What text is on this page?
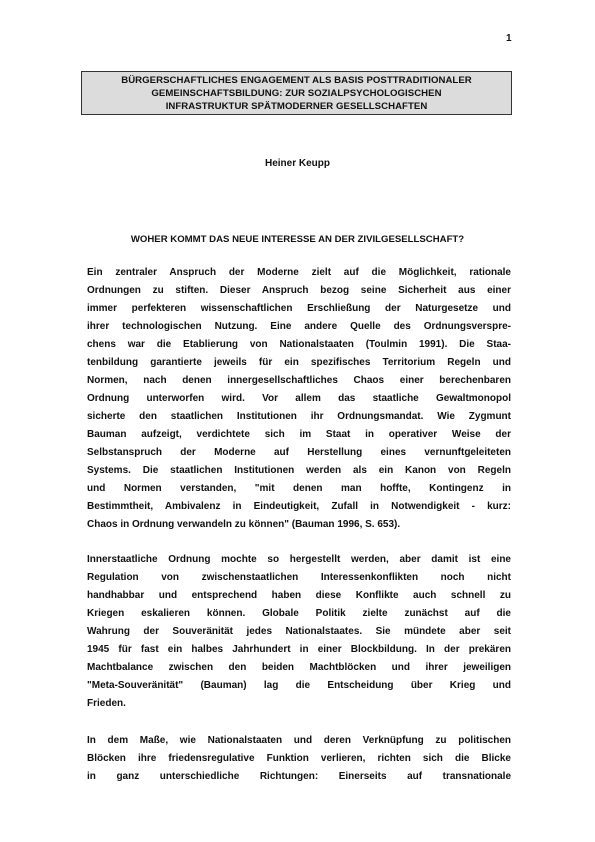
1
BÜRGERSCHAFTLICHES ENGAGEMENT ALS BASIS POSTTRADITIONALER
GEMEINSCHAFTSBILDUNG: ZUR SOZIALPSYCHOLOGISCHEN
INFRASTRUKTUR SPÄTMODERNER GESELLSCHAFTEN
Heiner Keupp
WOHER KOMMT DAS NEUE INTERESSE AN DER ZIVILGESELLSCHAFT?
Ein zentraler Anspruch der Moderne zielt auf die Möglichkeit, rationale
Ordnungen zu stiften. Dieser Anspruch bezog seine Sicherheit aus einer
immer perfekteren wissenschaftlichen Erschließung der Naturgesetze und
ihrer technologischen Nutzung. Eine andere Quelle des Ordnungsverspre-
chens war die Etablierung von Nationalstaaten (Toulmin 1991). Die Staa-
tenbildung garantierte jeweils für ein spezifisches Territorium Regeln und
Normen, nach denen innergesellschaftliches Chaos einer berechenbaren
Ordnung unterworfen wird. Vor allem das staatliche Gewaltmonopol
sicherte den staatlichen Institutionen ihr Ordnungsmandat. Wie Zygmunt
Bauman aufzeigt, verdichtete sich im Staat in operativer Weise der
Selbstanspruch der Moderne auf Herstellung eines vernunftgeleiteten
Systems. Die staatlichen Institutionen werden als ein Kanon von Regeln
und Normen verstanden, "mit denen man hoffte, Kontingenz in
Bestimmtheit, Ambivalenz in Eindeutigkeit, Zufall in Notwendigkeit - kurz:
Chaos in Ordnung verwandeln zu können" (Bauman 1996, S. 653).
Innerstaatliche Ordnung mochte so hergestellt werden, aber damit ist eine
Regulation von zwischenstaatlichen Interessenkonflikten noch nicht
handhabbar und entsprechend haben diese Konflikte auch schnell zu
Kriegen eskalieren können. Globale Politik zielte zunächst auf die
Wahrung der Souveränität jedes Nationalstaates. Sie mündete aber seit
1945 für fast ein halbes Jahrhundert in einer Blockbildung. In der prekären
Machtbalance zwischen den beiden Machtblöcken und ihrer jeweiligen
"Meta-Souveränität" (Bauman) lag die Entscheidung über Krieg und
Frieden.
In dem Maße, wie Nationalstaaten und deren Verknüpfung zu politischen
Blöcken ihre friedensregulative Funktion verlieren, richten sich die Blicke
in ganz unterschiedliche Richtungen: Einerseits auf transnationale
